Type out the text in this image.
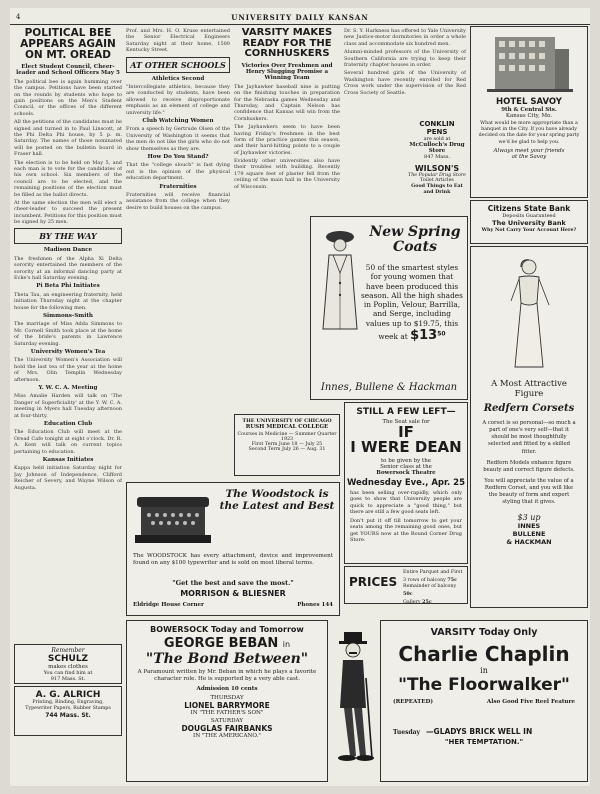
4	UNIVERSITY DAILY KANSAN
POLITICAL BEE APPEARS AGAIN ON MT. OREAD
Elect Student Council, Cheer-leader and School Officers May 5

The political bee is again humming over the campus. Petitions have been started on the rounds by students who hope to gain positions on the Men's Student Council, or the offices of the different schools.

All the petitions of the candidates must be signed and turned in to Paul Linscott, at the Phi Delta Phi house, by 5 p. m. Saturday. The names of those nominated will be posted on the bulletin board in Fraser hall.

The election is to be held on May 5, and each man is to vote for the candidates of his own school. Six members of the council are to be elected, and the remaining positions of the election must be filled as the ballot directs.

At the same election the men will elect a cheer-leader to succeed the present incumbent. Petitions for this position must be signed by 25 men.

BY THE WAY
Madison Dance

The freshmen of the Alpha Xi Delta sorority entertained the members of the sorority at an informal dancing party at Ecke's hall Saturday evening.

Pi Beta Phi Initiates

Theta Tau, an engineering fraternity, held initiation Thursday night at the chapter house for the following men.

Simmons-Smith

The marriage of Miss Adda Simmons to Mr. Cornell Smith took place at the home of the bride's parents in Lawrence Saturday evening.

University Women's Tea

The University Women's Association will hold the last tea of the year at the home of Mrs. Olin Templin Wednesday afternoon.

Y. W. C. A. Meeting

Miss Amalie Harden will talk on 'The Danger of Superficiality' at the Y. W. C. A. meeting in Myers hall Tuesday afternoon at four-thirty.

Education Club

The Education Club will meet at the Oread Cafe tonight at eight o'clock. Dr. R. A. Kent will talk on current topics pertaining to education.

Kansas Initiates

Kappa held initiation Saturday night for Jay Johnson of Independence, Clifford Reicher of Severy, and Wayne Wilson of Augusta.

Remember
SCHULZ
makes clothes
You can find him at
917 Mass. St.
A. G. ALRICH
Printing, Binding, Engraving, Typewriter Papers, Rubber Stamps
744 Mass. St.

Prof. and Mrs. H. O. Kruse entertained the Senior Electrical Engineers Saturday night at their home, 1500 Kentucky Street.

AT OTHER SCHOOLS
Athletics Second

"Intercollegiate athletics, because they are conducted by students, have been allowed to receive disproportionate emphasis as an element of college and university life."

Club Watching Women

From a speech by Gertrude Olsen of the University of Washington it seems that the men do not like the girls who do not show themselves as they are.

How Do You Stand?

That the "college slouch" is fast dying out is the opinion of the physical education department.

Fraternities

Fraternities will receive financial assistance from the college when they desire to build houses on the campus.

VARSITY MAKES READY FOR THE CORNHUSKERS
Victories Over Freshmen and Henry Slugging Promise a Winning Team

The Jayhawker baseball nine is putting on the finishing touches in preparation for the Nebraska games Wednesday and Thursday, and Captain Nelson has confidence that Kansas will win from the Cornhuskers.

The Jayhawkers seem to have been having Friday's freshmen in the best form of the practice games this season, and their hard-hitting points to a couple of Jayhawker victories.

Evidently other universities also have their troubles with building. Recently 179 square feet of plaster fell from the ceiling of the main hall in the University of Wisconsin.

THE UNIVERSITY OF CHICAGO
RUSH MEDICAL COLLEGE
Courses in Medicine — Summer Quarter 1923
First Term June 18 — July 25
Second Term July 26 — Aug. 31

Dr. S. Y. Harkness has offered to Yale University new Justice-motor dormitories in order a whole class and accommodate six hundred men.

Alumni-minded professors of the University of Southern California are trying to keep their fraternity chapter houses in order.

Several hundred girls of the University of Washington have recently enrolled for Red Cross work under the supervision of the Red Cross Society of Seattle.

CONKLIN PENS
are sold at
McCulloch's Drug Store
847 Mass.
WILSON'S
The Popular Drug Store
Toilet Articles
Good Things to Eat and Drink
HOTEL SAVOY
9th & Central Sts.
Kansas City, Mo.
What would be more appropriate than a banquet in the City. If you have already decided on the date for your spring party we'd be glad to help you.
Always meet your friends
at the Savoy
Citizens State Bank
Deposits Guaranteed
The University Bank
Why Not Carry Your Account Here?
New Spring Coats
50 of the smartest styles for young women that have been produced this season. All the high shades in Poplin, Velour, Barrilla, and Serge, including values up to $19.75, this week at $\$13^{50}$
Innes, Bullene & Hackman	A Most Attractive Figure
Redfern Corsets
A corset is so personal—so much a part of one's very self—that it should be most thoughtfully selected and fitted by a skilled fitter.
Redfern Models enhance figure beauty and correct figure defects.
You will appreciate the value of a Redfern Corset, and you will like the beauty of form and expert styling that it gives.
$3 up
INNES
BULLENE
& HACKMAN
STILL A FEW LEFT—
The Seat sale for
IF
I WERE DEAN
to be given by the
Senior class at the
Bowersock Theatre
Wednesday Eve., Apr. 25
has been selling over-rapidly, which only goes to show that University people are quick to appreciate a "good thing," but there are still a few good seats left.
Don't put it off till tomorrow to get your seats among the remaining good ones, but get YOURS now at the Round Corner Drug Store.
PRICES
Entire Parquet and First 3 rows of balcony 75c
Remainder of balcony 50c
Gallery 25c
The Woodstock is the Latest and Best
The WOODSTOCK has every attachment, device and improvement found on any $100 typewriter and is sold on most liberal terms.
"Get the best and save the most."
MORRISON & BLIESNER
Eldridge House Corner	Phones 144
BOWERSOCK Today and Tomorrow
GEORGE BEBAN in
"The Bond Between"
A Paramount written by Mr. Beban in which he plays a favorite character role. He is supported by a very able cast.
Admission 10 cents
THURSDAY
LIONEL BARRYMORE
IN "THE FATHER'S SON"
SATURDAY
DOUGLAS FAIRBANKS
IN "THE AMERICANO."
VARSITY Today Only
Charlie Chaplin
in
"The Floorwalker"
(REPEATED)	Also Good Five Reel Feature
Tuesday —GLADYS BRICK WELL IN
"HER TEMPTATION."
